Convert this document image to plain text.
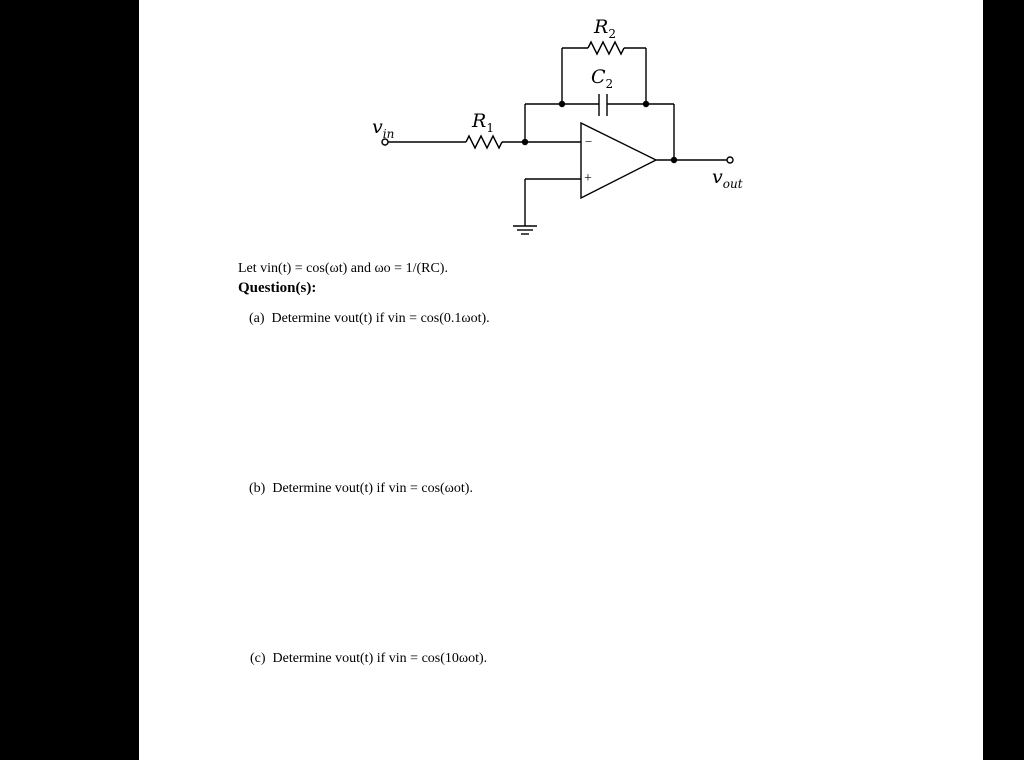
$v_{in}$
$v_{out}$
$R_1$
$R_2$
$C_2$
−
+
Let vin(t) = cos(ωt) and ωo = 1/(RC).
Question(s):
(a) Determine vout(t) if vin = cos(0.1ωot).
(b) Determine vout(t) if vin = cos(ωot).
(c) Determine vout(t) if vin = cos(10ωot).
